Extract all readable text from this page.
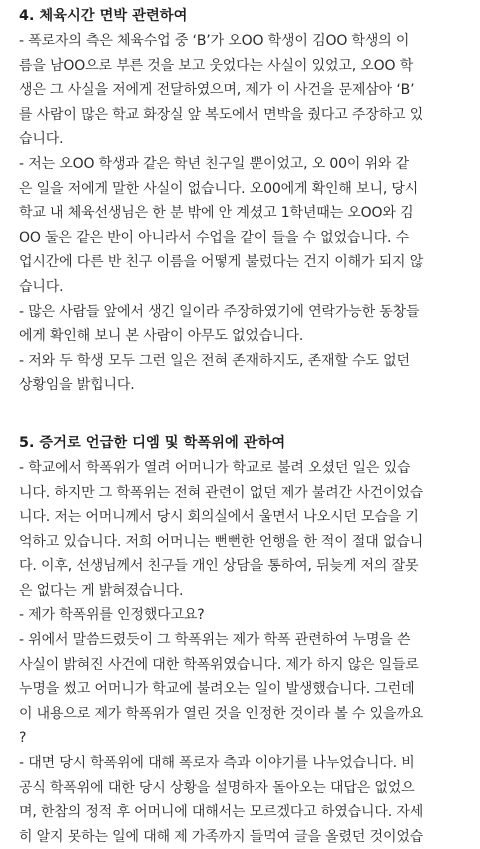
4. 체육시간 면박 관련하여
- 폭로자의 측은 체육수업 중 ‘B’가 오OO 학생이 김OO 학생의 이
름을 남OO으로 부른 것을 보고 웃었다는 사실이 있었고, 오OO 학
생은 그 사실을 저에게 전달하였으며, 제가 이 사건을 문제삼아 ‘B’
를 사람이 많은 학교 화장실 앞 복도에서 면박을 줬다고 주장하고 있
습니다.
- 저는 오OO 학생과 같은 학년 친구일 뿐이었고, 오 00이 위와 같
은 일을 저에게 말한 사실이 없습니다. 오00에게 확인해 보니, 당시
학교 내 체육선생님은 한 분 밖에 안 계셨고 1학년때는 오OO와 김
OO 둘은 같은 반이 아니라서 수업을 같이 들을 수 없었습니다. 수
업시간에 다른 반 친구 이름을 어떻게 불렀다는 건지 이해가 되지 않
습니다.
- 많은 사람들 앞에서 생긴 일이라 주장하였기에 연락가능한 동창들
에게 확인해 보니 본 사람이 아무도 없었습니다.
- 저와 두 학생 모두 그런 일은 전혀 존재하지도, 존재할 수도 없던
상황임을 밝힙니다.
5. 증거로 언급한 디엠 및 학폭위에 관하여
- 학교에서 학폭위가 열려 어머니가 학교로 불려 오셨던 일은 있습
니다. 하지만 그 학폭위는 전혀 관련이 없던 제가 불려간 사건이었습
니다. 저는 어머니께서 당시 회의실에서 울면서 나오시던 모습을 기
억하고 있습니다. 저희 어머니는 뻔뻔한 언행을 한 적이 절대 없습니
다. 이후, 선생님께서 친구들 개인 상담을 통하여, 뒤늦게 저의 잘못
은 없다는 게 밝혀졌습니다.
- 제가 학폭위를 인정했다고요?
- 위에서 말씀드렸듯이 그 학폭위는 제가 학폭 관련하여 누명을 쓴
사실이 밝혀진 사건에 대한 학폭위였습니다. 제가 하지 않은 일들로
누명을 썼고 어머니가 학교에 불려오는 일이 발생했습니다. 그런데
이 내용으로 제가 학폭위가 열린 것을 인정한 것이라 볼 수 있을까요
?
- 대면 당시 학폭위에 대해 폭로자 측과 이야기를 나누었습니다. 비
공식 학폭위에 대한 당시 상황을 설명하자 돌아오는 대답은 없었으
며, 한참의 정적 후 어머니에 대해서는 모르겠다고 하였습니다. 자세
히 알지 못하는 일에 대해 제 가족까지 들먹여 글을 올렸던 것이었습
